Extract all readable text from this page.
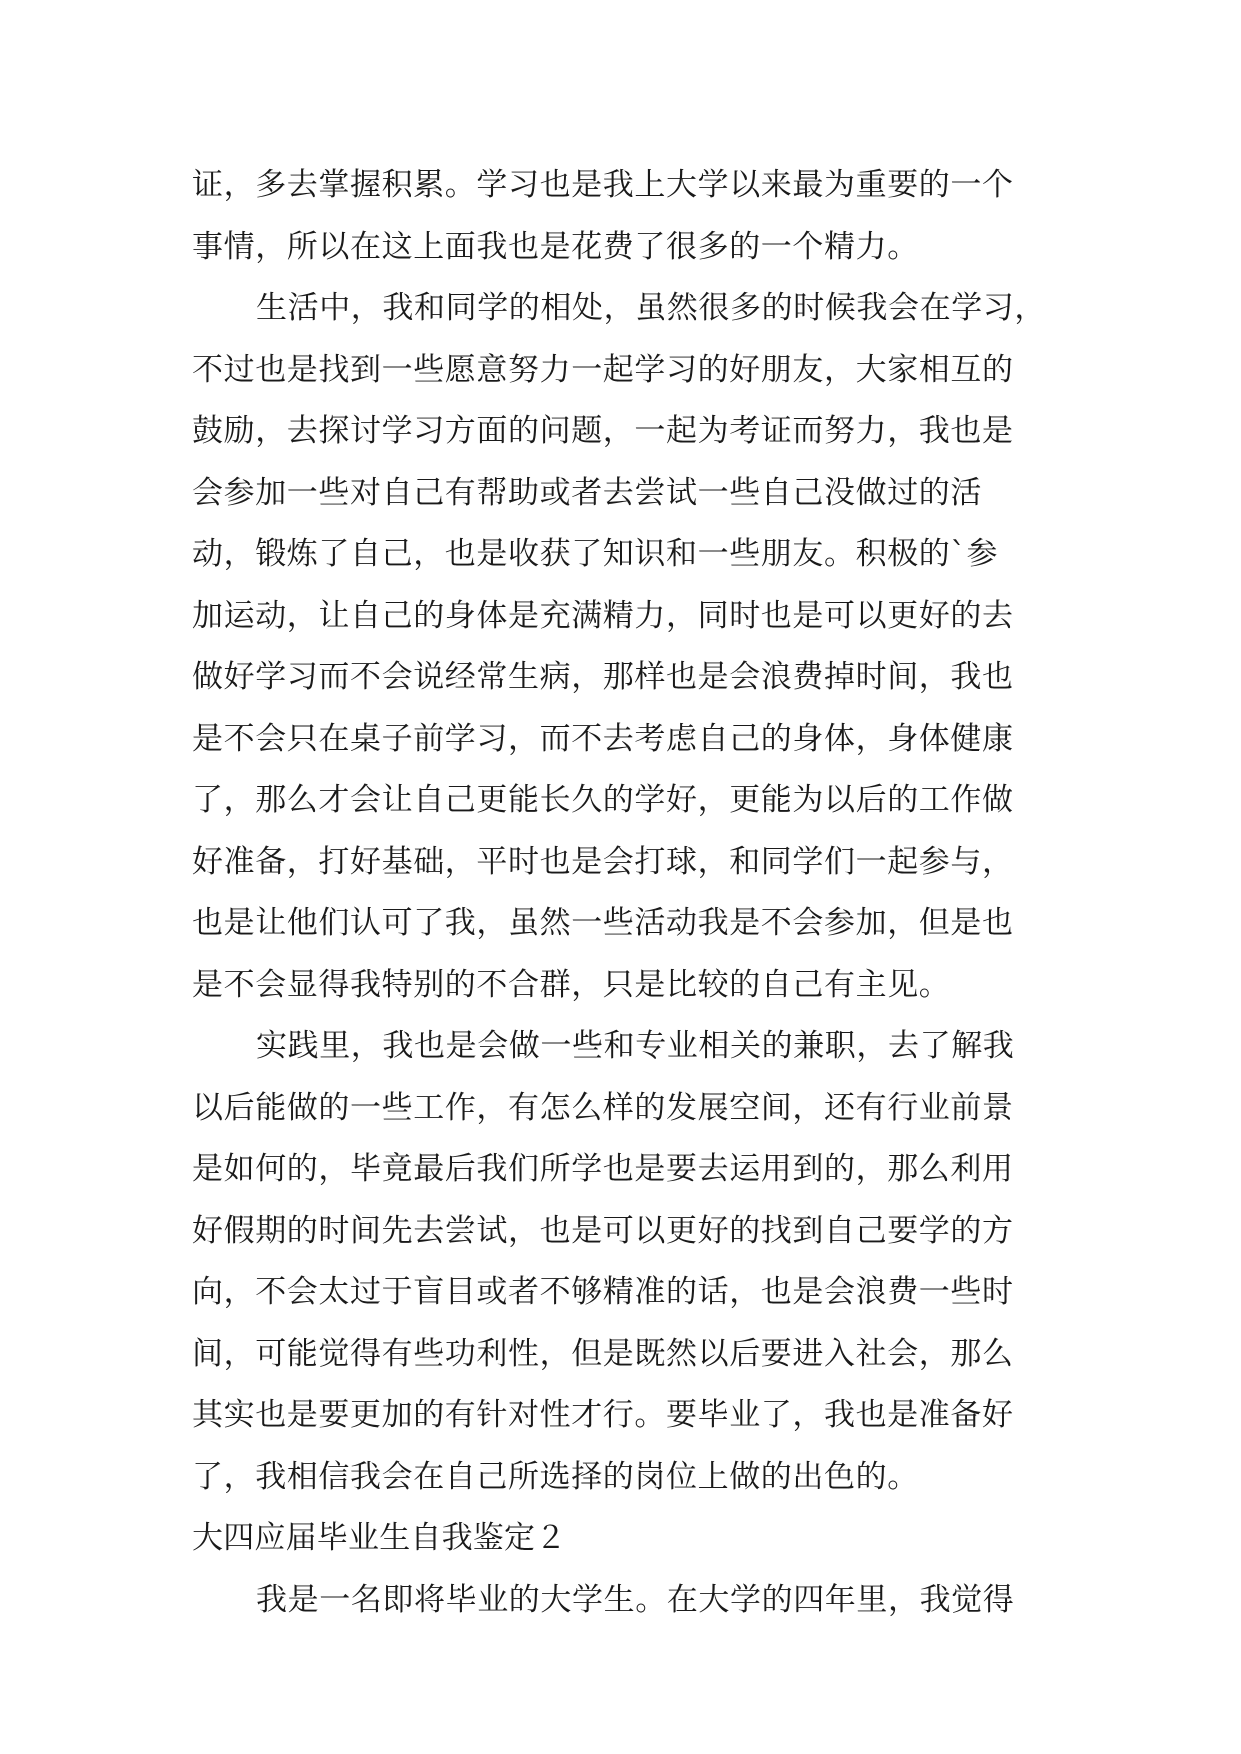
证，多去掌握积累。学习也是我上大学以来最为重要的一个
事情，所以在这上面我也是花费了很多的一个精力。
生活中，我和同学的相处，虽然很多的时候我会在学习，
不过也是找到一些愿意努力一起学习的好朋友，大家相互的
鼓励，去探讨学习方面的问题，一起为考证而努力，我也是
会参加一些对自己有帮助或者去尝试一些自己没做过的活
动，锻炼了自己，也是收获了知识和一些朋友。积极的`参
加运动，让自己的身体是充满精力，同时也是可以更好的去
做好学习而不会说经常生病，那样也是会浪费掉时间，我也
是不会只在桌子前学习，而不去考虑自己的身体，身体健康
了，那么才会让自己更能长久的学好，更能为以后的工作做
好准备，打好基础，平时也是会打球，和同学们一起参与，
也是让他们认可了我，虽然一些活动我是不会参加，但是也
是不会显得我特别的不合群，只是比较的自己有主见。
实践里，我也是会做一些和专业相关的兼职，去了解我
以后能做的一些工作，有怎么样的发展空间，还有行业前景
是如何的，毕竟最后我们所学也是要去运用到的，那么利用
好假期的时间先去尝试，也是可以更好的找到自己要学的方
向，不会太过于盲目或者不够精准的话，也是会浪费一些时
间，可能觉得有些功利性，但是既然以后要进入社会，那么
其实也是要更加的有针对性才行。要毕业了，我也是准备好
了，我相信我会在自己所选择的岗位上做的出色的。
大四应届毕业生自我鉴定２
我是一名即将毕业的大学生。在大学的四年里，我觉得
